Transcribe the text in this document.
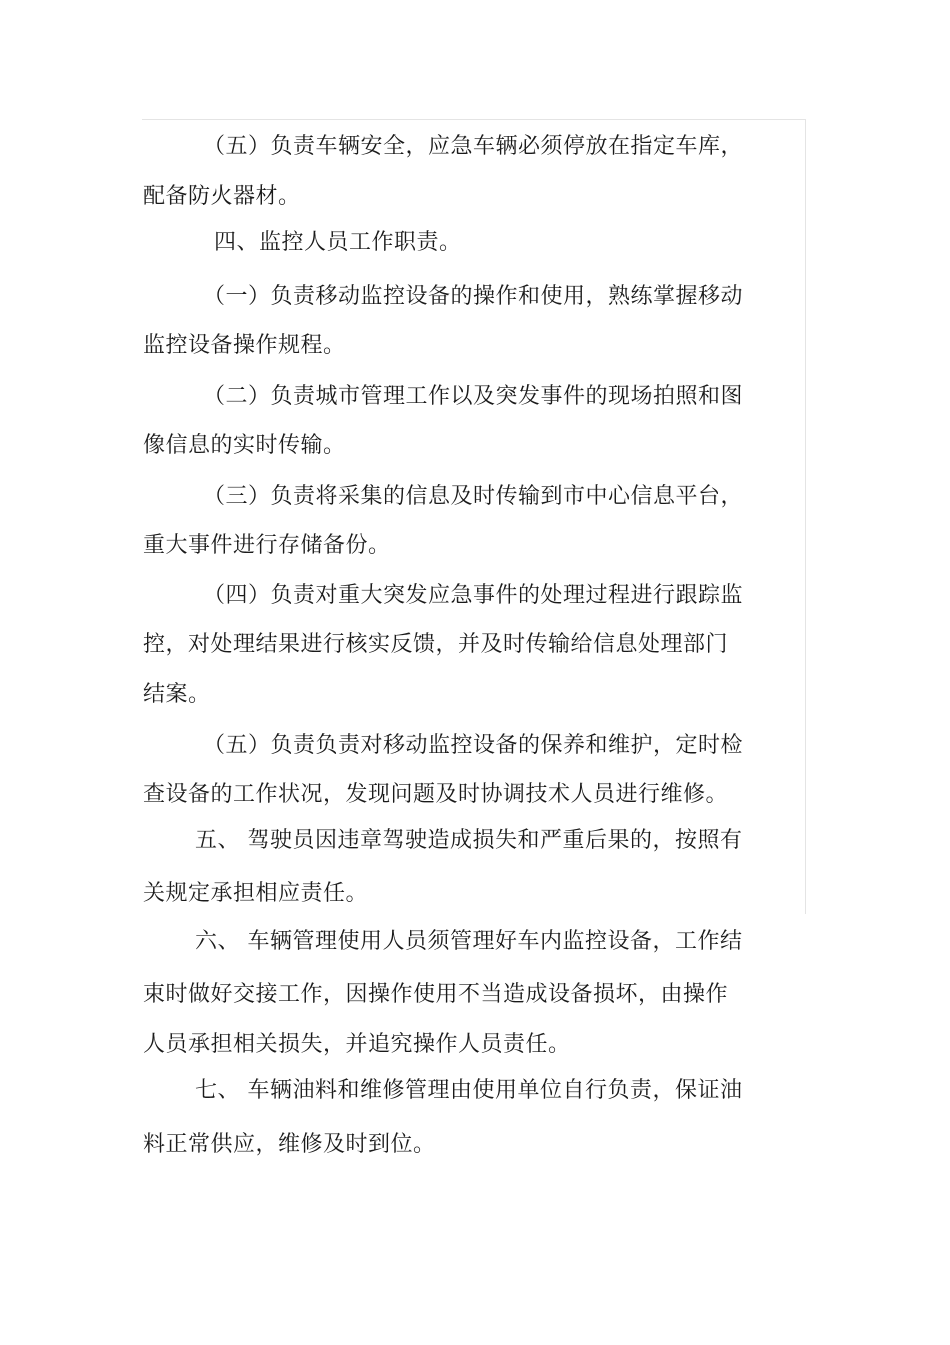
（五）负责车辆安全，应急车辆必须停放在指定车库，
配备防火器材。
四、监控人员工作职责。
（一）负责移动监控设备的操作和使用，熟练掌握移动
监控设备操作规程。
（二）负责城市管理工作以及突发事件的现场拍照和图
像信息的实时传输。
（三）负责将采集的信息及时传输到市中心信息平台，
重大事件进行存储备份。
（四）负责对重大突发应急事件的处理过程进行跟踪监
控，对处理结果进行核实反馈，并及时传输给信息处理部门
结案。
（五）负责负责对移动监控设备的保养和维护，定时检
查设备的工作状况，发现问题及时协调技术人员进行维修。
五、 驾驶员因违章驾驶造成损失和严重后果的，按照有
关规定承担相应责任。
六、 车辆管理使用人员须管理好车内监控设备，工作结
束时做好交接工作，因操作使用不当造成设备损坏，由操作
人员承担相关损失，并追究操作人员责任。
七、 车辆油料和维修管理由使用单位自行负责，保证油
料正常供应，维修及时到位。
